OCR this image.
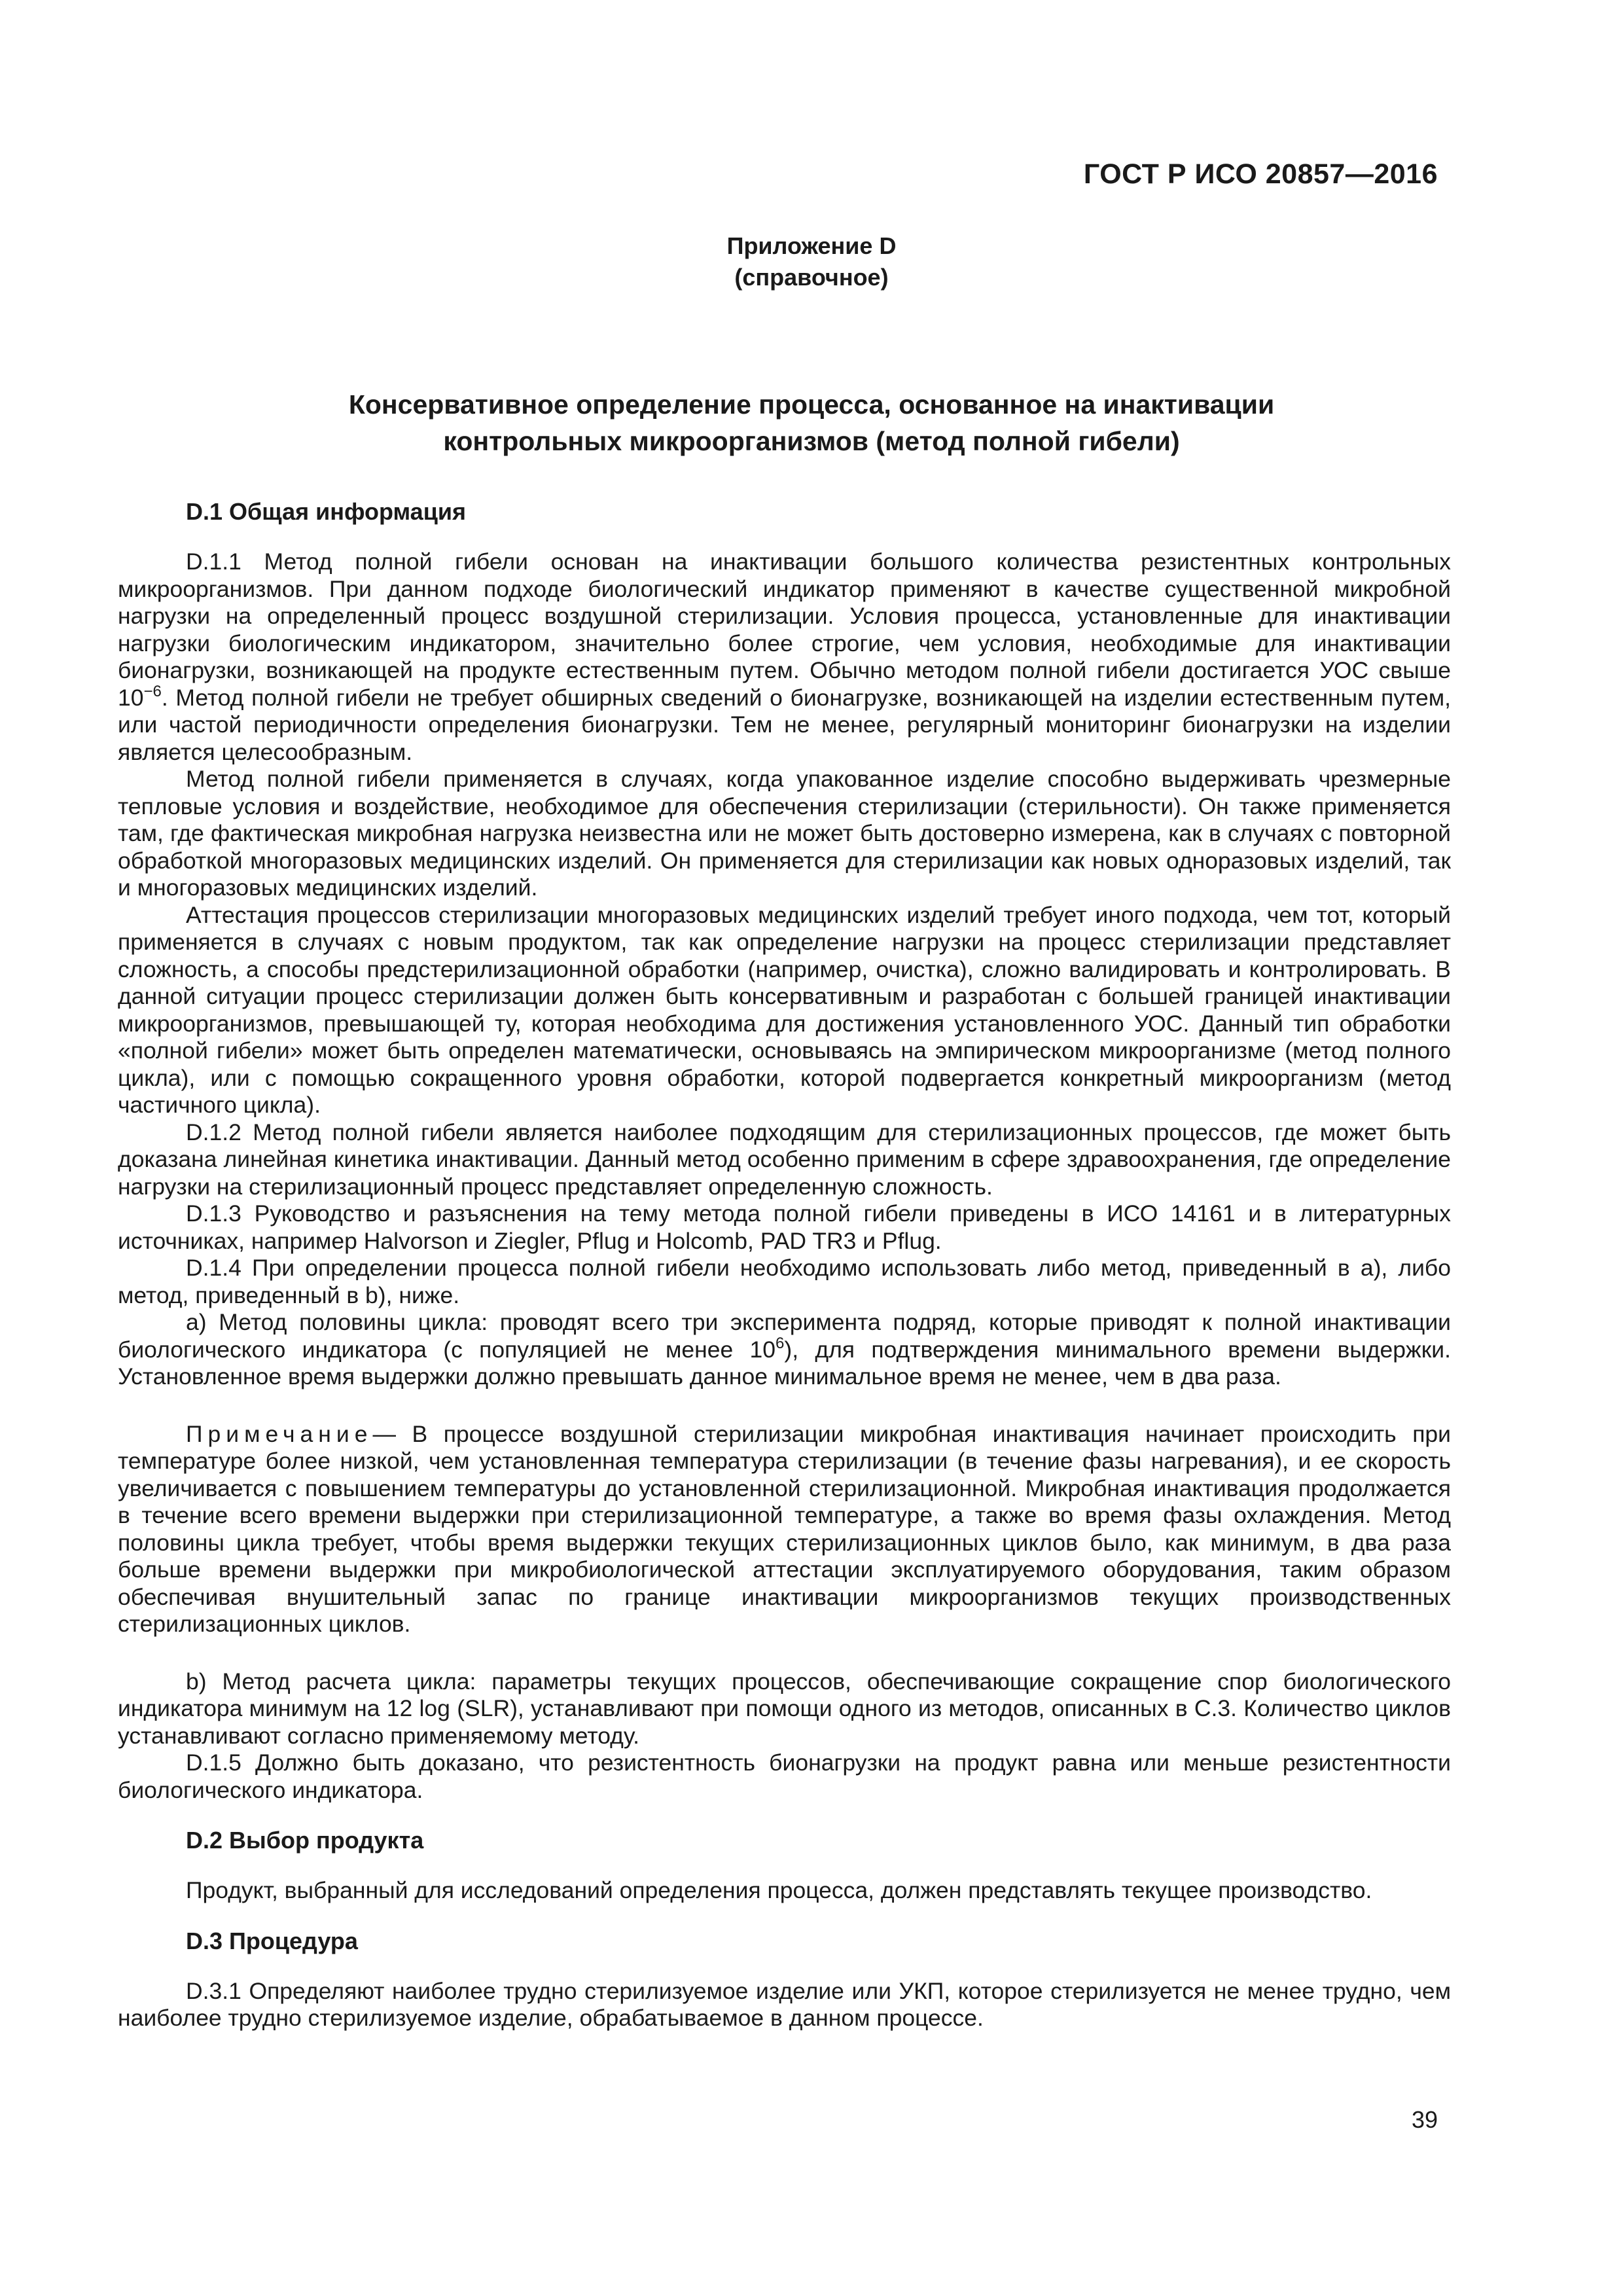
ГОСТ Р ИСО 20857—2016
Приложение D
(справочное)
Консервативное определение процесса, основанное на инактивации
контрольных микроорганизмов (метод полной гибели)
D.1 Общая информация

D.1.1 Метод полной гибели основан на инактивации большого количества резистентных контрольных микроорганизмов. При данном подходе биологический индикатор применяют в качестве существенной микробной нагрузки на определенный процесс воздушной стерилизации. Условия процесса, установленные для инактивации нагрузки биологическим индикатором, значительно более строгие, чем условия, необходимые для инактивации бионагрузки, возникающей на продукте естественным путем. Обычно методом полной гибели достигается УОС свыше $10^{-6}$. Метод полной гибели не требует обширных сведений о бионагрузке, возникающей на изделии естественным путем, или частой периодичности определения бионагрузки. Тем не менее, регулярный мониторинг бионагрузки на изделии является целесообразным.

Метод полной гибели применяется в случаях, когда упакованное изделие способно выдерживать чрезмерные тепловые условия и воздействие, необходимое для обеспечения стерилизации (стерильности). Он также применяется там, где фактическая микробная нагрузка неизвестна или не может быть достоверно измерена, как в случаях с повторной обработкой многоразовых медицинских изделий. Он применяется для стерилизации как новых одноразовых изделий, так и многоразовых медицинских изделий.

Аттестация процессов стерилизации многоразовых медицинских изделий требует иного подхода, чем тот, который применяется в случаях с новым продуктом, так как определение нагрузки на процесс стерилизации представляет сложность, а способы предстерилизационной обработки (например, очистка), сложно валидировать и контролировать. В данной ситуации процесс стерилизации должен быть консервативным и разработан с большей границей инактивации микроорганизмов, превышающей ту, которая необходима для достижения установленного УОС. Данный тип обработки «полной гибели» может быть определен математически, основываясь на эмпирическом микроорганизме (метод полного цикла), или с помощью сокращенного уровня обработки, которой подвергается конкретный микроорганизм (метод частичного цикла).

D.1.2 Метод полной гибели является наиболее подходящим для стерилизационных процессов, где может быть доказана линейная кинетика инактивации. Данный метод особенно применим в сфере здравоохранения, где определение нагрузки на стерилизационный процесс представляет определенную сложность.

D.1.3 Руководство и разъяснения на тему метода полной гибели приведены в ИСО 14161 и в литературных источниках, например Halvorson и Ziegler, Pflug и Holcomb, PAD TR3 и Pflug.

D.1.4 При определении процесса полной гибели необходимо использовать либо метод, приведенный в а), либо метод, приведенный в b), ниже.

a) Метод половины цикла: проводят всего три эксперимента подряд, которые приводят к полной инактивации биологического индикатора (с популяцией не менее $10^6$), для подтверждения минимального времени выдержки. Установленное время выдержки должно превышать данное минимальное время не менее, чем в два раза.

Примечание— В процессе воздушной стерилизации микробная инактивация начинает происходить при температуре более низкой, чем установленная температура стерилизации (в течение фазы нагревания), и ее скорость увеличивается с повышением температуры до установленной стерилизационной. Микробная инактивация продолжается в течение всего времени выдержки при стерилизационной температуре, а также во время фазы охлаждения. Метод половины цикла требует, чтобы время выдержки текущих стерилизационных циклов было, как минимум, в два раза больше времени выдержки при микробиологической аттестации эксплуатируемого оборудования, таким образом обеспечивая внушительный запас по границе инактивации микроорганизмов текущих производственных стерилизационных циклов.

b) Метод расчета цикла: параметры текущих процессов, обеспечивающие сокращение спор биологического индикатора минимум на 12 log (SLR), устанавливают при помощи одного из методов, описанных в С.3. Количество циклов устанавливают согласно применяемому методу.

D.1.5 Должно быть доказано, что резистентность бионагрузки на продукт равна или меньше резистентности биологического индикатора.

D.2 Выбор продукта

Продукт, выбранный для исследований определения процесса, должен представлять текущее производство.

D.3 Процедура

D.3.1 Определяют наиболее трудно стерилизуемое изделие или УКП, которое стерилизуется не менее трудно, чем наиболее трудно стерилизуемое изделие, обрабатываемое в данном процессе.

39
